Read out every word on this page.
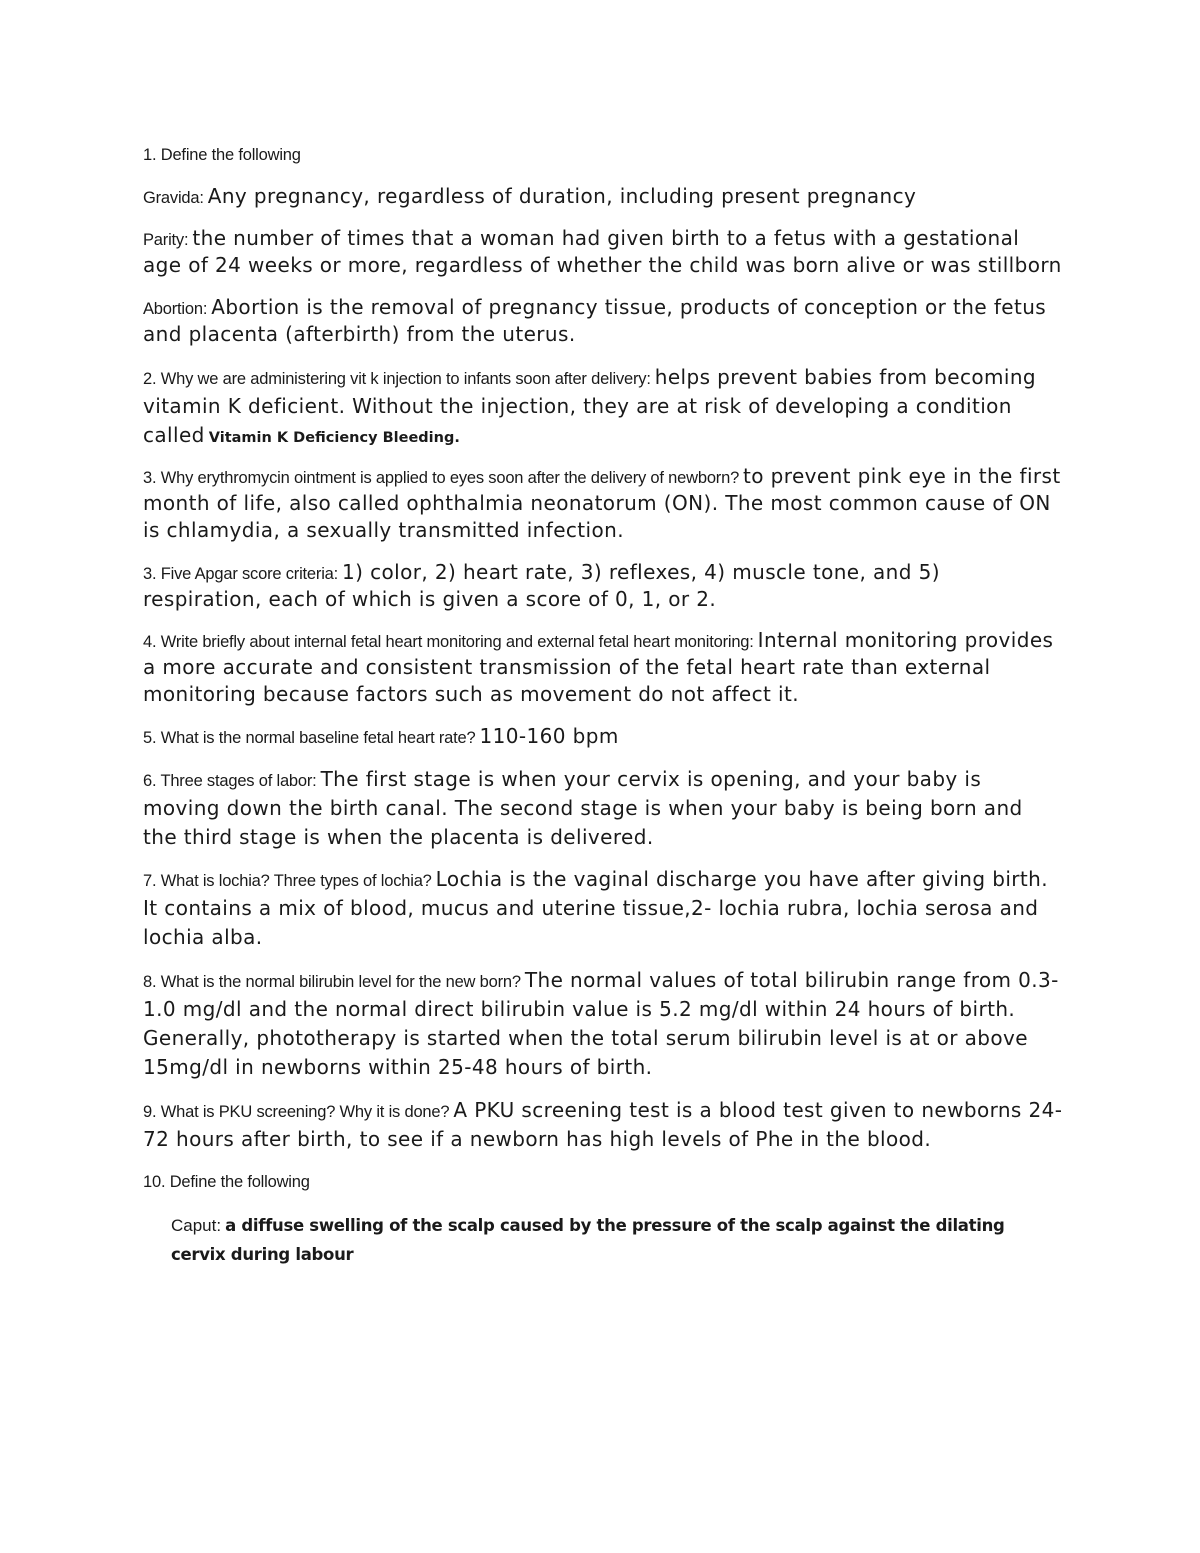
1. Define the following

Gravida: Any pregnancy, regardless of duration, including present pregnancy

Parity: the number of times that a woman had given birth to a fetus with a gestational age of 24 weeks or more, regardless of whether the child was born alive or was stillborn

Abortion: Abortion is the removal of pregnancy tissue, products of conception or the fetus and placenta (afterbirth) from the uterus.

2. Why we are administering vit k injection to infants soon after delivery: helps prevent babies from becoming vitamin K deficient. Without the injection, they are at risk of developing a condition called Vitamin K Deficiency Bleeding.

3. Why erythromycin ointment is applied to eyes soon after the delivery of newborn? to prevent pink eye in the first month of life, also called ophthalmia neonatorum (ON). The most common cause of ON is chlamydia, a sexually transmitted infection.

3. Five Apgar score criteria: 1) color, 2) heart rate, 3) reflexes, 4) muscle tone, and 5) respiration, each of which is given a score of 0, 1, or 2.

4. Write briefly about internal fetal heart monitoring and external fetal heart monitoring: Internal monitoring provides a more accurate and consistent transmission of the fetal heart rate than external monitoring because factors such as movement do not affect it.

5. What is the normal baseline fetal heart rate? 110-160 bpm

6. Three stages of labor: The first stage is when your cervix is opening, and your baby is moving down the birth canal. The second stage is when your baby is being born and the third stage is when the placenta is delivered.

7. What is lochia? Three types of lochia? Lochia is the vaginal discharge you have after giving birth. It contains a mix of blood, mucus and uterine tissue,2- lochia rubra, lochia serosa and lochia alba.

8. What is the normal bilirubin level for the new born? The normal values of total bilirubin range from 0.3-1.0 mg/dl and the normal direct bilirubin value is 5.2 mg/dl within 24 hours of birth. Generally, phototherapy is started when the total serum bilirubin level is at or above 15mg/dl in newborns within 25-48 hours of birth.

9. What is PKU screening? Why it is done? A PKU screening test is a blood test given to newborns 24-72 hours after birth, to see if a newborn has high levels of Phe in the blood.

10. Define the following

Caput: a diffuse swelling of the scalp caused by the pressure of the scalp against the dilating cervix during labour
